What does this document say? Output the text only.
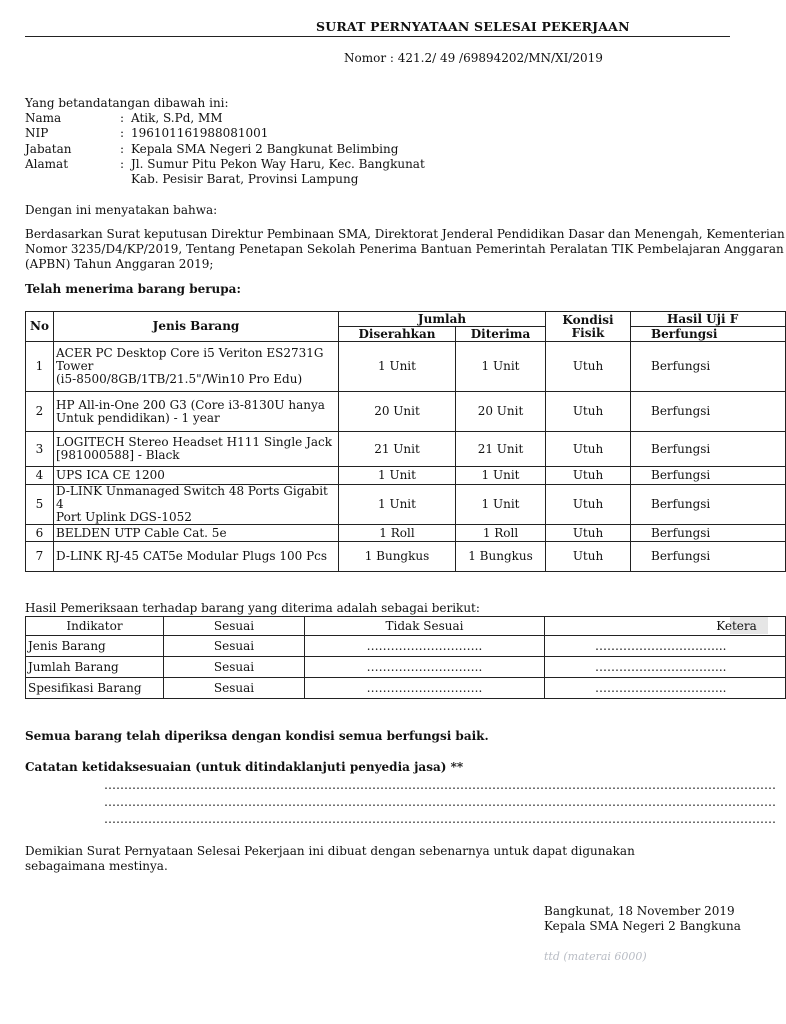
SURAT PERNYATAAN SELESAI PEKERJAAN
Nomor : 421.2/ 49 /69894202/MN/XI/2019
Yang betandatangan dibawah ini:
Nama	: Atik, S.Pd, MM
NIP	: 196101161988081001
Jabatan	: Kepala SMA Negeri 2 Bangkunat Belimbing
Alamat	: Jl. Sumur Pitu Pekon Way Haru, Kec. Bangkunat
Kab. Pesisir Barat, Provinsi Lampung
Dengan ini menyatakan bahwa:
Berdasarkan Surat keputusan Direktur Pembinaan SMA, Direktorat Jenderal Pendidikan Dasar dan Menengah, Kementerian
Nomor 3235/D4/KP/2019, Tentang Penetapan Sekolah Penerima Bantuan Pemerintah Peralatan TIK Pembelajaran Anggaran
(APBN) Tahun Anggaran 2019;
Telah menerima barang berupa:
No	Jenis Barang	Jumlah		Kondisi
Fisik	Hasil Uji F
		Diserahkan	Diterima		Berfungsi
1	ACER PC Desktop Core i5 Veriton ES2731G
Tower
(i5-8500/8GB/1TB/21.5"/Win10 Pro Edu)	1 Unit	1 Unit	Utuh	Berfungsi
2	HP All-in-One 200 G3 (Core i3-8130U hanya
Untuk pendidikan) - 1 year	20 Unit	20 Unit	Utuh	Berfungsi
3	LOGITECH Stereo Headset H111 Single Jack
[981000588] - Black	21 Unit	21 Unit	Utuh	Berfungsi
4	UPS ICA CE 1200	1 Unit	1 Unit	Utuh	Berfungsi
5	D-LINK Unmanaged Switch 48 Ports Gigabit 4
Port Uplink DGS-1052	1 Unit	1 Unit	Utuh	Berfungsi
6	BELDEN UTP Cable Cat. 5e	1 Roll	1 Roll	Utuh	Berfungsi
7	D-LINK RJ-45 CAT5e Modular Plugs 100 Pcs	1 Bungkus	1 Bungkus	Utuh	Berfungsi
Hasil Pemeriksaan terhadap barang yang diterima adalah sebagai berikut:
Indikator	Sesuai	Tidak Sesuai	Ketera
Jenis Barang	Sesuai	………………………..	…………………………...
Jumlah Barang	Sesuai	………………………..	…………………………...
Spesifikasi Barang	Sesuai	………………………..	…………………………...
Semua barang telah diperiksa dengan kondisi semua berfungsi baik.
Catatan ketidaksesuaian (untuk ditindaklanjuti penyedia jasa) **
……………………………………………………………………………………………………………………………………………………
……………………………………………………………………………………………………………………………………………………
……………………………………………………………………………………………………………………………………………………
Demikian Surat Pernyataan Selesai Pekerjaan ini dibuat dengan sebenarnya untuk dapat digunakan
sebagaimana mestinya.
Bangkunat, 18 November 2019
Kepala SMA Negeri 2 Bangkuna
ttd (materai 6000)
